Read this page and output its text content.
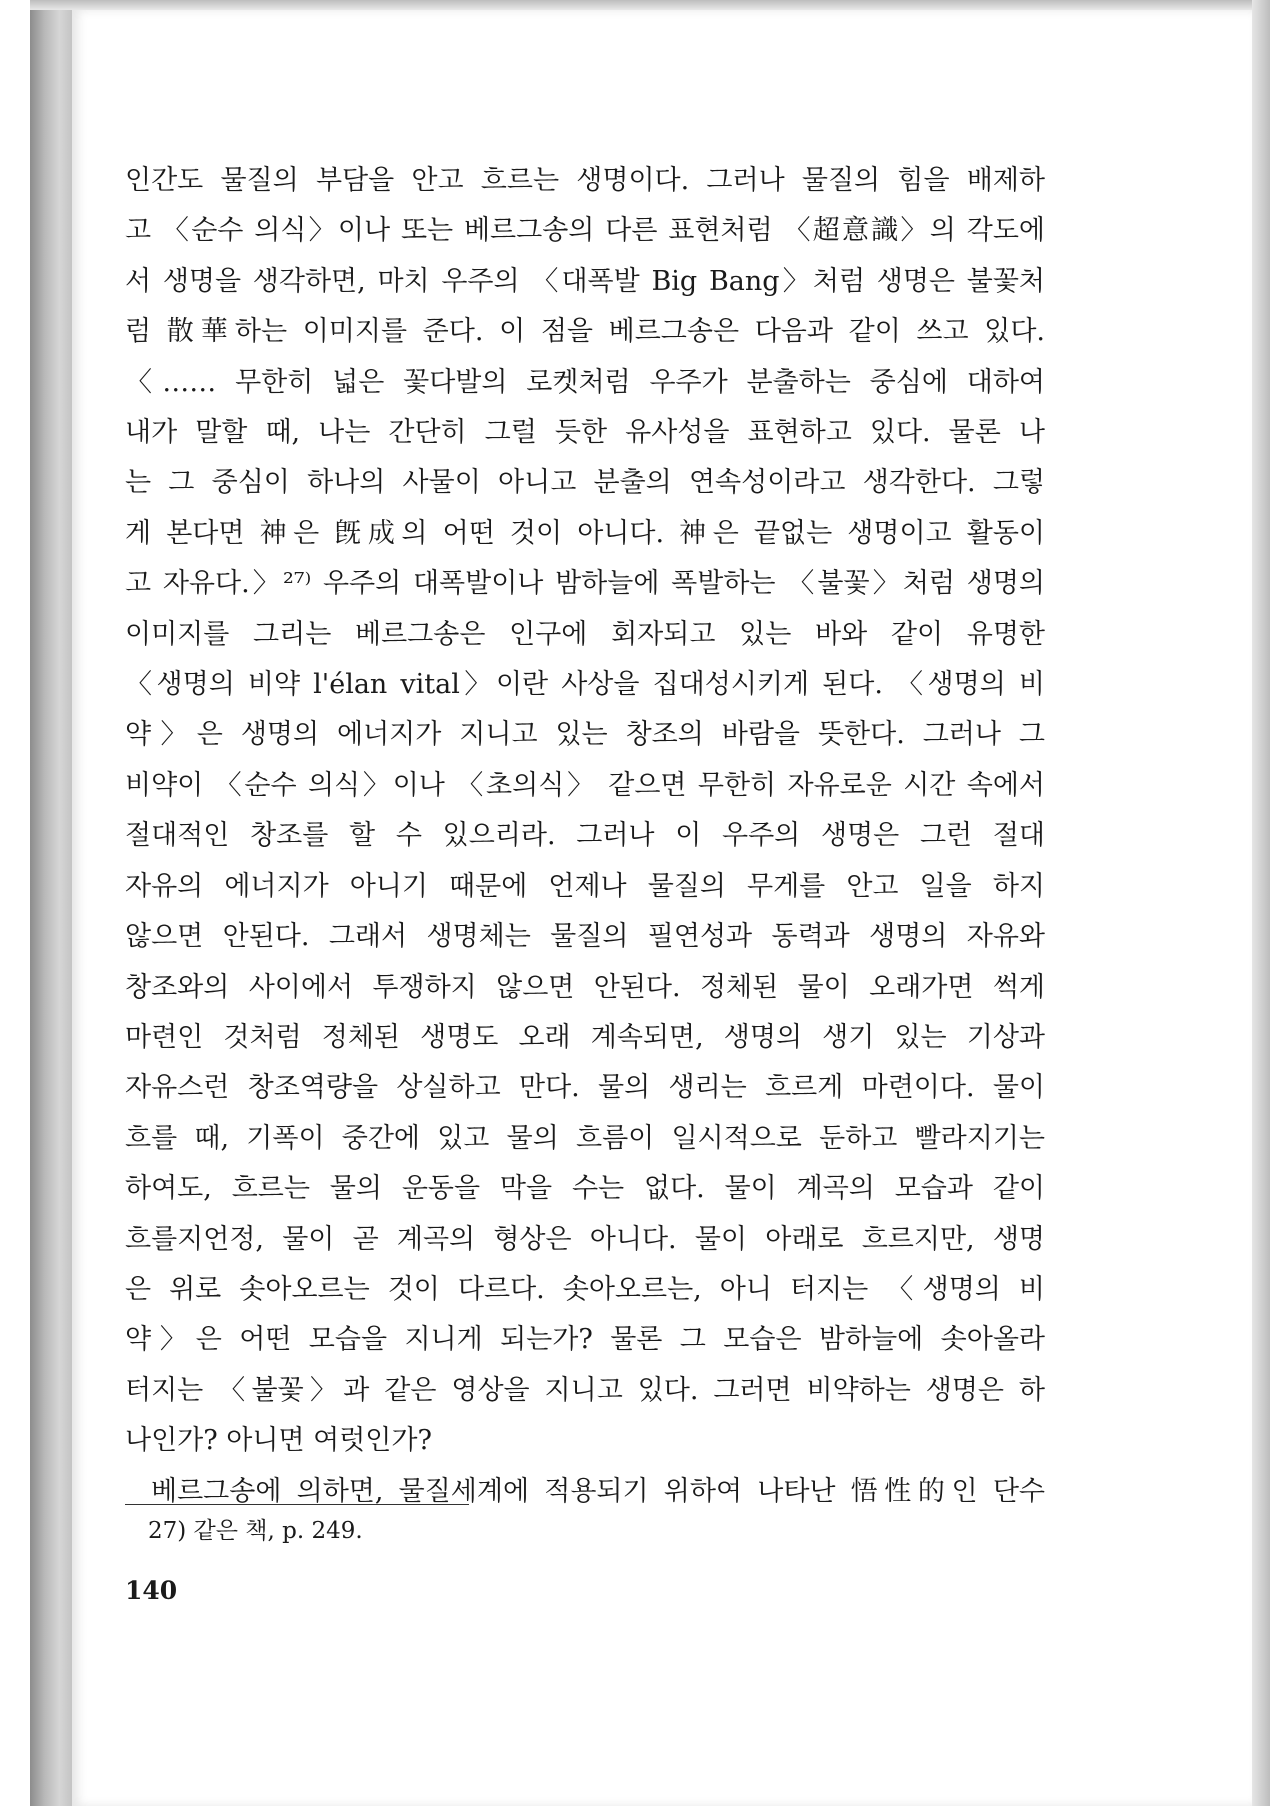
인간도 물질의 부담을 안고 흐르는 생명이다. 그러나 물질의 힘을 배제하
고 〈순수 의식〉이나 또는 베르그송의 다른 표현처럼 〈超意識〉의 각도에
서 생명을 생각하면, 마치 우주의 〈대폭발 Big Bang〉처럼 생명은 불꽃처
럼 散華하는 이미지를 준다. 이 점을 베르그송은 다음과 같이 쓰고 있다.
〈…… 무한히 넓은 꽃다발의 로켓처럼 우주가 분출하는 중심에 대하여
내가 말할 때, 나는 간단히 그럴 듯한 유사성을 표현하고 있다. 물론 나
는 그 중심이 하나의 사물이 아니고 분출의 연속성이라고 생각한다. 그렇
게 본다면 神은 旣成의 어떤 것이 아니다. 神은 끝없는 생명이고 활동이
고 자유다.〉²⁷⁾ 우주의 대폭발이나 밤하늘에 폭발하는 〈불꽃〉처럼 생명의
이미지를 그리는 베르그송은 인구에 회자되고 있는 바와 같이 유명한
〈생명의 비약 l'élan vital〉이란 사상을 집대성시키게 된다. 〈생명의 비
약〉은 생명의 에너지가 지니고 있는 창조의 바람을 뜻한다. 그러나 그
비약이 〈순수 의식〉이나 〈초의식〉 같으면 무한히 자유로운 시간 속에서
절대적인 창조를 할 수 있으리라. 그러나 이 우주의 생명은 그런 절대
자유의 에너지가 아니기 때문에 언제나 물질의 무게를 안고 일을 하지
않으면 안된다. 그래서 생명체는 물질의 필연성과 동력과 생명의 자유와
창조와의 사이에서 투쟁하지 않으면 안된다. 정체된 물이 오래가면 썩게
마련인 것처럼 정체된 생명도 오래 계속되면, 생명의 생기 있는 기상과
자유스런 창조역량을 상실하고 만다. 물의 생리는 흐르게 마련이다. 물이
흐를 때, 기폭이 중간에 있고 물의 흐름이 일시적으로 둔하고 빨라지기는
하여도, 흐르는 물의 운동을 막을 수는 없다. 물이 계곡의 모습과 같이
흐를지언정, 물이 곧 계곡의 형상은 아니다. 물이 아래로 흐르지만, 생명
은 위로 솟아오르는 것이 다르다. 솟아오르는, 아니 터지는 〈생명의 비
약〉은 어떤 모습을 지니게 되는가? 물론 그 모습은 밤하늘에 솟아올라
터지는 〈불꽃〉과 같은 영상을 지니고 있다. 그러면 비약하는 생명은 하
나인가? 아니면 여럿인가?
베르그송에 의하면, 물질세계에 적용되기 위하여 나타난 悟性的인 단수
27) 같은 책, p. 249.
140
